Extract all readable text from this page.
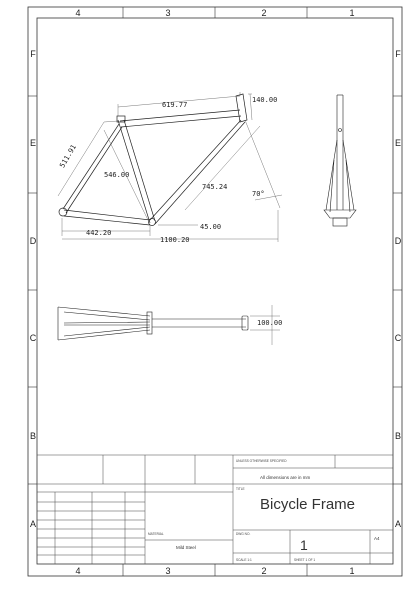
4	3	2	1
4	3	2	1
F
E
D
C
B
A
F
E
D
C
B
A
619.77
140.00
511.91
546.00
745.24
70°
442.20
45.00
1100.20
100.00
UNLESS OTHERWISE SPECIFIED
All dimensions are in mm
TITLE
Bicycle Frame
MATERIAL
Mild Steel
DWG NO.
1	A4
SCALE 1:1	SHEET 1 OF 1
